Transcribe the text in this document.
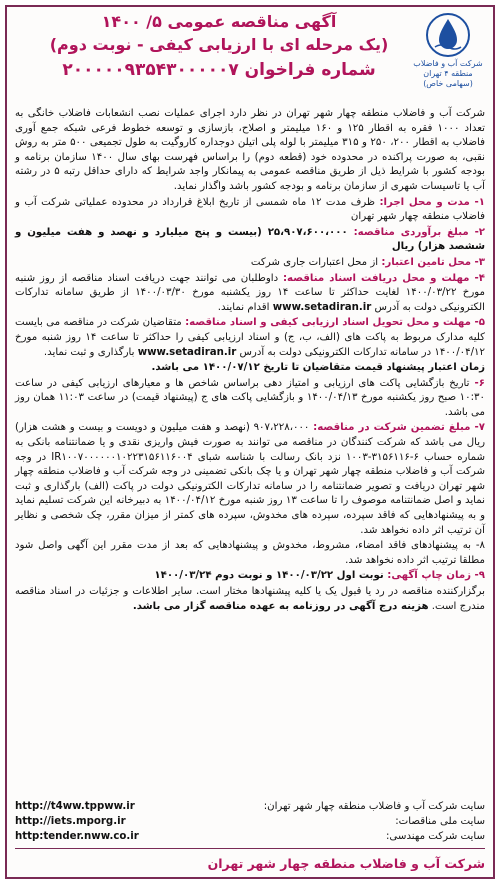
آگهی مناقصه عمومی ۵/ ۱۴۰۰
(یک مرحله ای با ارزیابی کیفی - نوبت دوم)
شماره فراخوان ۲۰۰۰۰۰۹۳۵۴۳۰۰۰۰۰۷	شرکت آب و فاضلاب
منطقه ۴ تهران
(سهامی خاص)

شرکت آب و فاضلاب منطقه چهار شهر تهران در نظر دارد اجرای عملیات نصب انشعابات فاضلاب خانگی به تعداد ۱۰۰۰ فقره به اقطار ۱۲۵ و ۱۶۰ میلیمتر و اصلاح، بازسازی و توسعه خطوط فرعی شبکه جمع آوری فاضلاب به اقطار ۲۰۰، ۲۵۰ و ۳۱۵ میلیمتر با لوله پلی اتیلن دوجداره کاروگیت به طول تجمیعی ۵۰۰ متر به روش نقبی، به صورت پراکنده در محدوده خود (قطعه دوم) را براساس فهرست بهای سال ۱۴۰۰ سازمان برنامه و بودجه کشور با شرایط ذیل از طریق مناقصه عمومی به پیمانکار واجد شرایط که دارای حداقل رتبه ۵ در رشته آب یا تاسیسات شهری از سازمان برنامه و بودجه کشور باشد واگذار نماید.

۱- مدت و محل اجرا: ظرف مدت ۱۲ ماه شمسی از تاریخ ابلاغ قرارداد در محدوده عملیاتی شرکت آب و فاضلاب منطقه چهار شهر تهران

۲- مبلغ برآوردی مناقصه: ۲۵،۹۰۷،۶۰۰،۰۰۰ (بیست و پنج میلیارد و نهصد و هفت میلیون و ششصد هزار) ریال

۳- محل تامین اعتبار: از محل اعتبارات جاری شرکت

۴- مهلت و محل دریافت اسناد مناقصه: داوطلبان می توانند جهت دریافت اسناد مناقصه از روز شنبه مورخ ۱۴۰۰/۰۳/۲۲ لغایت حداکثر تا ساعت ۱۴ روز یکشنبه مورخ ۱۴۰۰/۰۳/۳۰ از طریق سامانه تدارکات الکترونیکی دولت به آدرس www.setadiran.ir اقدام نمایند.

۵- مهلت و محل تحویل اسناد ارزیابی کیفی و اسناد مناقصه: متقاضیان شرکت در مناقصه می بایست کلیه مدارک مربوط به پاکت های (الف، ب، ج) و اسناد ارزیابی کیفی را حداکثر تا ساعت ۱۴ روز شنبه مورخ ۱۴۰۰/۰۴/۱۲ در سامانه تدارکات الکترونیکی دولت به آدرس www.setadiran.ir بارگذاری و ثبت نماید.

زمان اعتبار پیشنهاد قیمت متقاضیان تا تاریخ ۱۴۰۰/۰۷/۱۲ می باشد.

۶- تاریخ بازگشایی پاکت های ارزیابی و امتیاز دهی براساس شاخص ها و معیارهای ارزیابی کیفی در ساعت ۱۰:۳۰ صبح روز یکشنبه مورخ ۱۴۰۰/۰۴/۱۳ و بازگشایی پاکت های ج (پیشنهاد قیمت) در ساعت ۱۱:۰۳ همان روز می باشد.

۷- مبلغ تضمین شرکت در مناقصه: ۹۰۷،۲۲۸،۰۰۰ (نهصد و هفت میلیون و دویست و بیست و هشت هزار) ریال می باشد که شرکت کنندگان در مناقصه می توانند به صورت فیش واریزی نقدی و یا ضمانتنامه بانکی به شماره حساب ۶-۳۱۵۶۱۱۶-۱۰۰۳ نزد بانک رسالت با شناسه شبای IR۱۰۰۷۰۰۰۰۰۰۱۰۲۲۳۱۵۶۱۱۶۰۰۴ در وجه شرکت آب و فاضلاب منطقه چهار شهر تهران و یا چک بانکی تضمینی در وجه شرکت آب و فاضلاب منطقه چهار شهر تهران دریافت و تصویر ضمانتنامه را در سامانه تدارکات الکترونیکی دولت در پاکت (الف) بارگذاری و ثبت نماید و اصل ضمانتنامه موصوف را تا ساعت ۱۳ روز شنبه مورخ ۱۴۰۰/۰۴/۱۲ به دبیرخانه این شرکت تسلیم نماید و به پیشنهادهایی که فاقد سپرده، سپرده های مخدوش، سپرده های کمتر از میزان مقرر، چک شخصی و نظایر آن ترتیب اثر داده نخواهد شد.

۸- به پیشنهادهای فاقد امضاء، مشروط، مخدوش و پیشنهادهایی که بعد از مدت مقرر این آگهی واصل شود مطلقا ترتیب اثر داده نخواهد شد.

۹- زمان چاپ آگهی: نوبت اول ۱۴۰۰/۰۳/۲۲ و نوبت دوم ۱۴۰۰/۰۳/۲۴

برگزارکننده مناقصه در رد یا قبول یک یا کلیه پیشنهادها مختار است. سایر اطلاعات و جزئیات در اسناد مناقصه مندرج است. هزینه درج آگهی در روزنامه به عهده مناقصه گزار می باشد.

سایت شرکت آب و فاضلاب منطقه چهار شهر تهران:
http://t4ww.tppww.ir
سایت ملی مناقصات:
http://iets.mporg.ir
سایت شرکت مهندسی:
http:tender.nww.co.ir
شرکت آب و فاضلاب منطقه چهار شهر تهران
